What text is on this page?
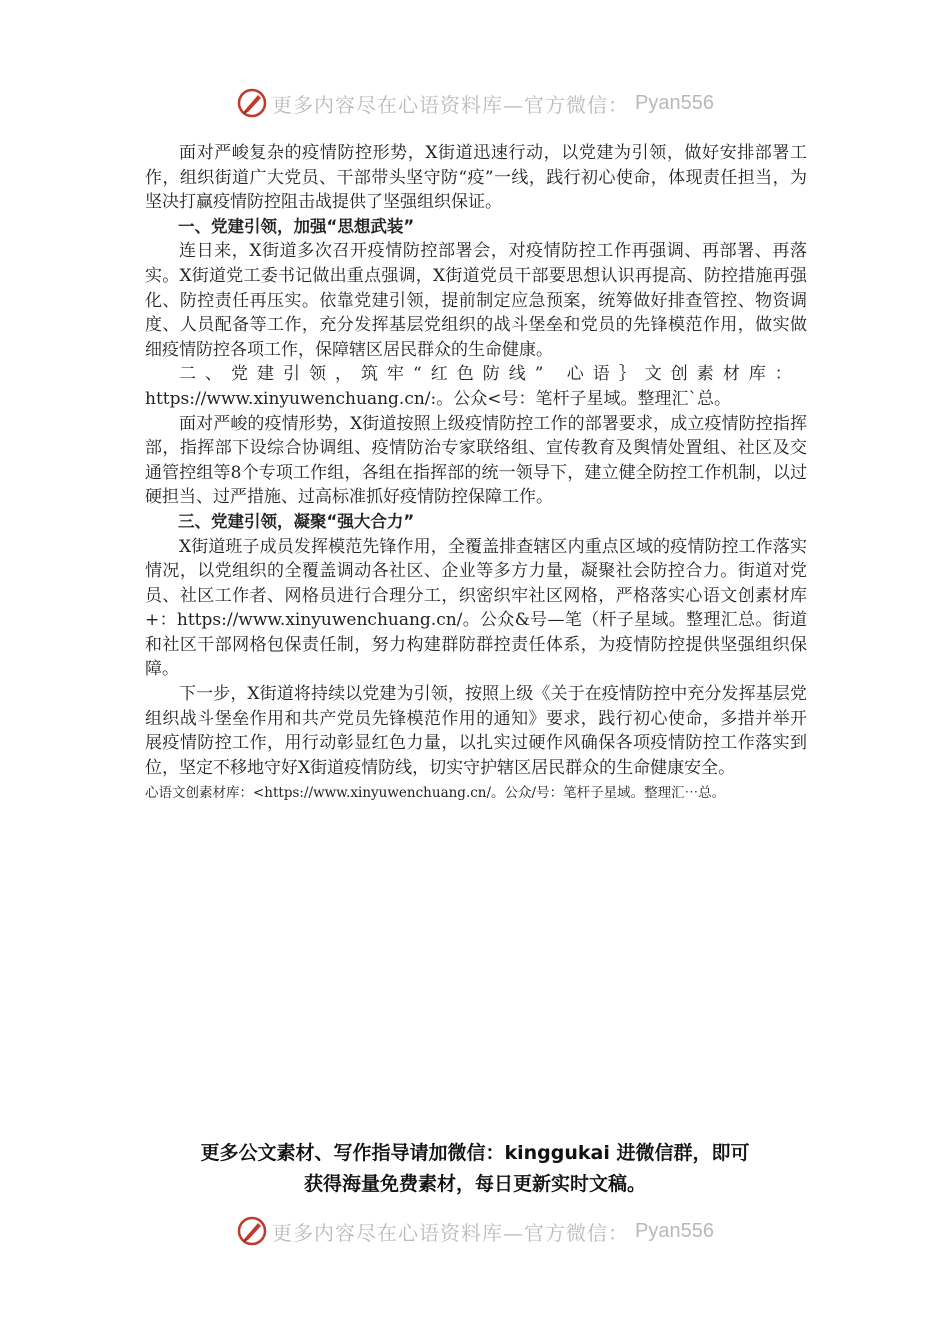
更多内容尽在心语资料库—官方微信： Pyan556

面对严峻复杂的疫情防控形势，X街道迅速行动，以党建为引领，做好安排部署工作，组织街道广大党员、干部带头坚守防“疫”一线，践行初心使命，体现责任担当，为坚决打赢疫情防控阻击战提供了坚强组织保证。

一、党建引领，加强“思想武装”

连日来，X街道多次召开疫情防控部署会，对疫情防控工作再强调、再部署、再落实。X街道党工委书记做出重点强调，X街道党员干部要思想认识再提高、防控措施再强化、防控责任再压实。依靠党建引领，提前制定应急预案，统筹做好排查管控、物资调度、人员配备等工作，充分发挥基层党组织的战斗堡垒和党员的先锋模范作用，做实做细疫情防控各项工作，保障辖区居民群众的生命健康。

二、党建引领，筑牢“红色防线” 心语｝文创素材库：

https://www.xinyuwenchuang.cn/:。公众<号：笔杆子星域。整理汇`总。

面对严峻的疫情形势，X街道按照上级疫情防控工作的部署要求，成立疫情防控指挥部，指挥部下设综合协调组、疫情防治专家联络组、宣传教育及舆情处置组、社区及交通管控组等8个专项工作组，各组在指挥部的统一领导下，建立健全防控工作机制，以过硬担当、过严措施、过高标准抓好疫情防控保障工作。

三、党建引领，凝聚“强大合力”

X街道班子成员发挥模范先锋作用，全覆盖排查辖区内重点区域的疫情防控工作落实情况，以党组织的全覆盖调动各社区、企业等多方力量，凝聚社会防控合力。街道对党员、社区工作者、网格员进行合理分工，织密织牢社区网格，严格落实心语文创素材库+：https://www.xinyuwenchuang.cn/。公众&号—笔（杆子星域。整理汇总。街道和社区干部网格包保责任制，努力构建群防群控责任体系，为疫情防控提供坚强组织保障。

下一步，X街道将持续以党建为引领，按照上级《关于在疫情防控中充分发挥基层党组织战斗堡垒作用和共产党员先锋模范作用的通知》要求，践行初心使命，多措并举开展疫情防控工作，用行动彰显红色力量，以扎实过硬作风确保各项疫情防控工作落实到位，坚定不移地守好X街道疫情防线，切实守护辖区居民群众的生命健康安全。

心语文创素材库：<https://www.xinyuwenchuang.cn/。公众/号：笔杆子星域。整理汇⋯总。

更多公文素材、写作指导请加微信：kinggukai 进微信群，即可
获得海量免费素材，每日更新实时文稿。
更多内容尽在心语资料库—官方微信： Pyan556
